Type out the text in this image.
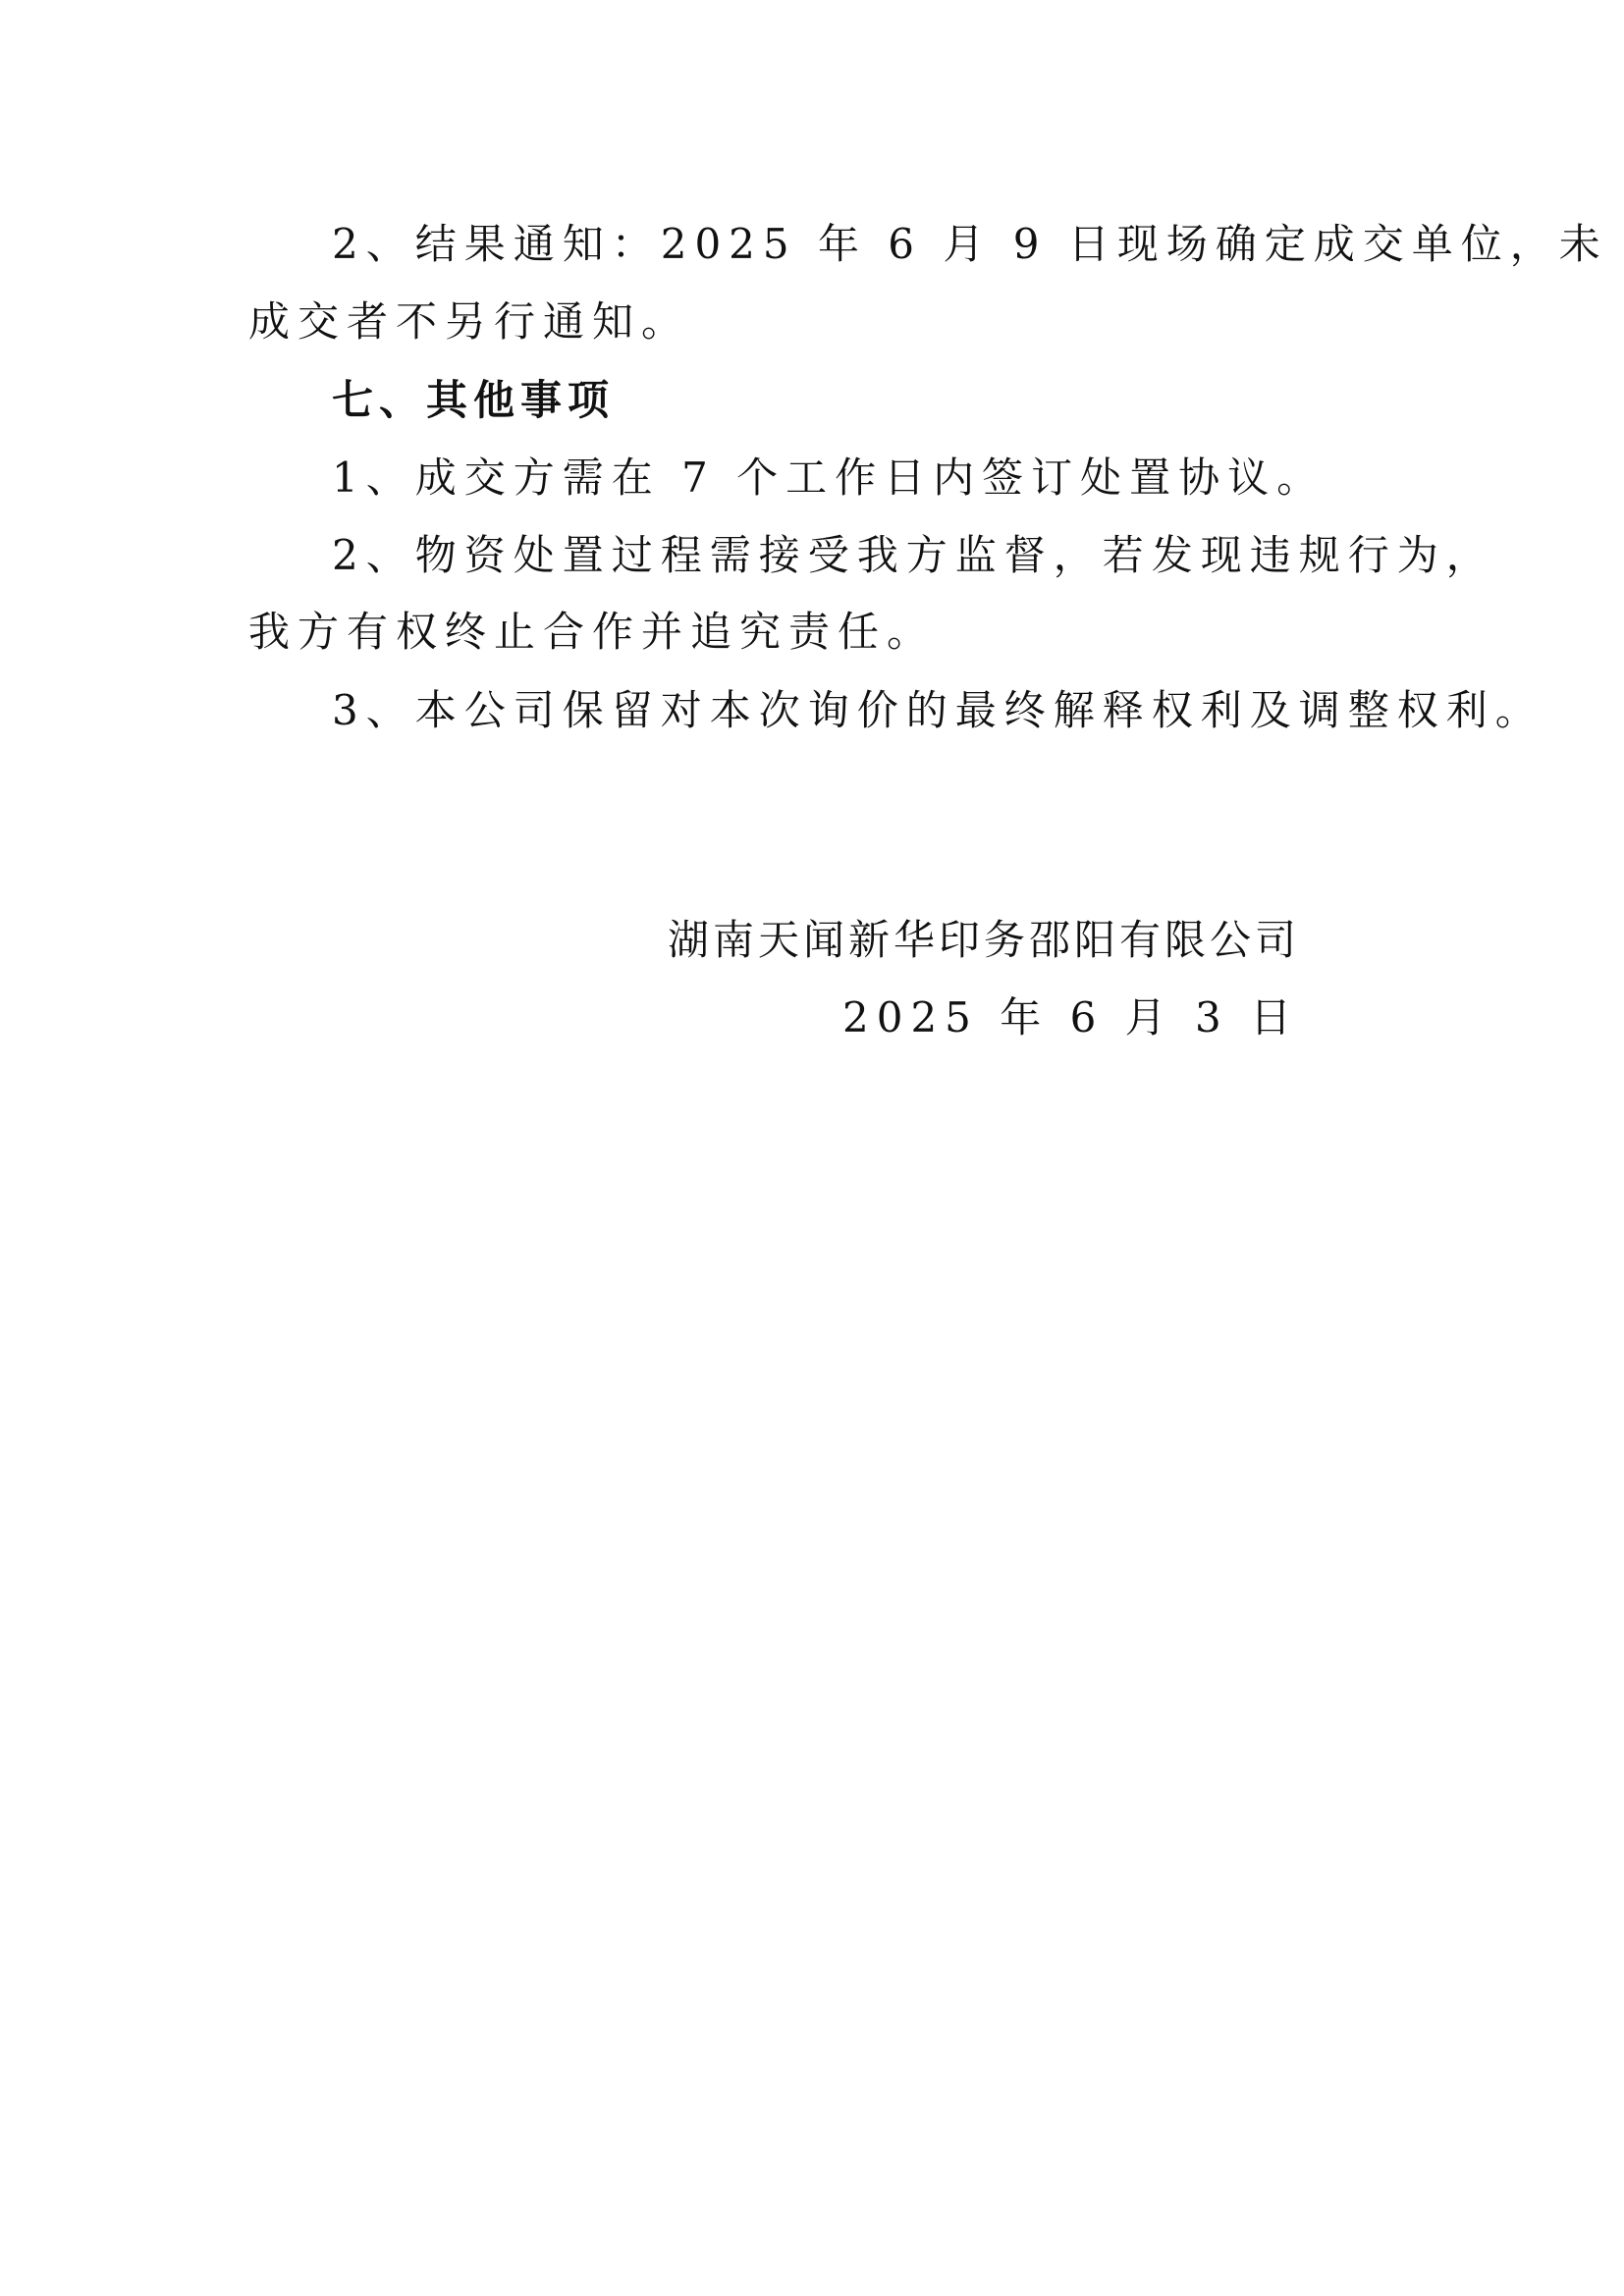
2、结果通知：2025 年 6 月 9 日现场确定成交单位，未
成交者不另行通知。
七、其他事项
1、成交方需在 7 个工作日内签订处置协议。
2、物资处置过程需接受我方监督，若发现违规行为，
我方有权终止合作并追究责任。
3、本公司保留对本次询价的最终解释权利及调整权利。
湖南天闻新华印务邵阳有限公司
2025 年 6 月 3 日
